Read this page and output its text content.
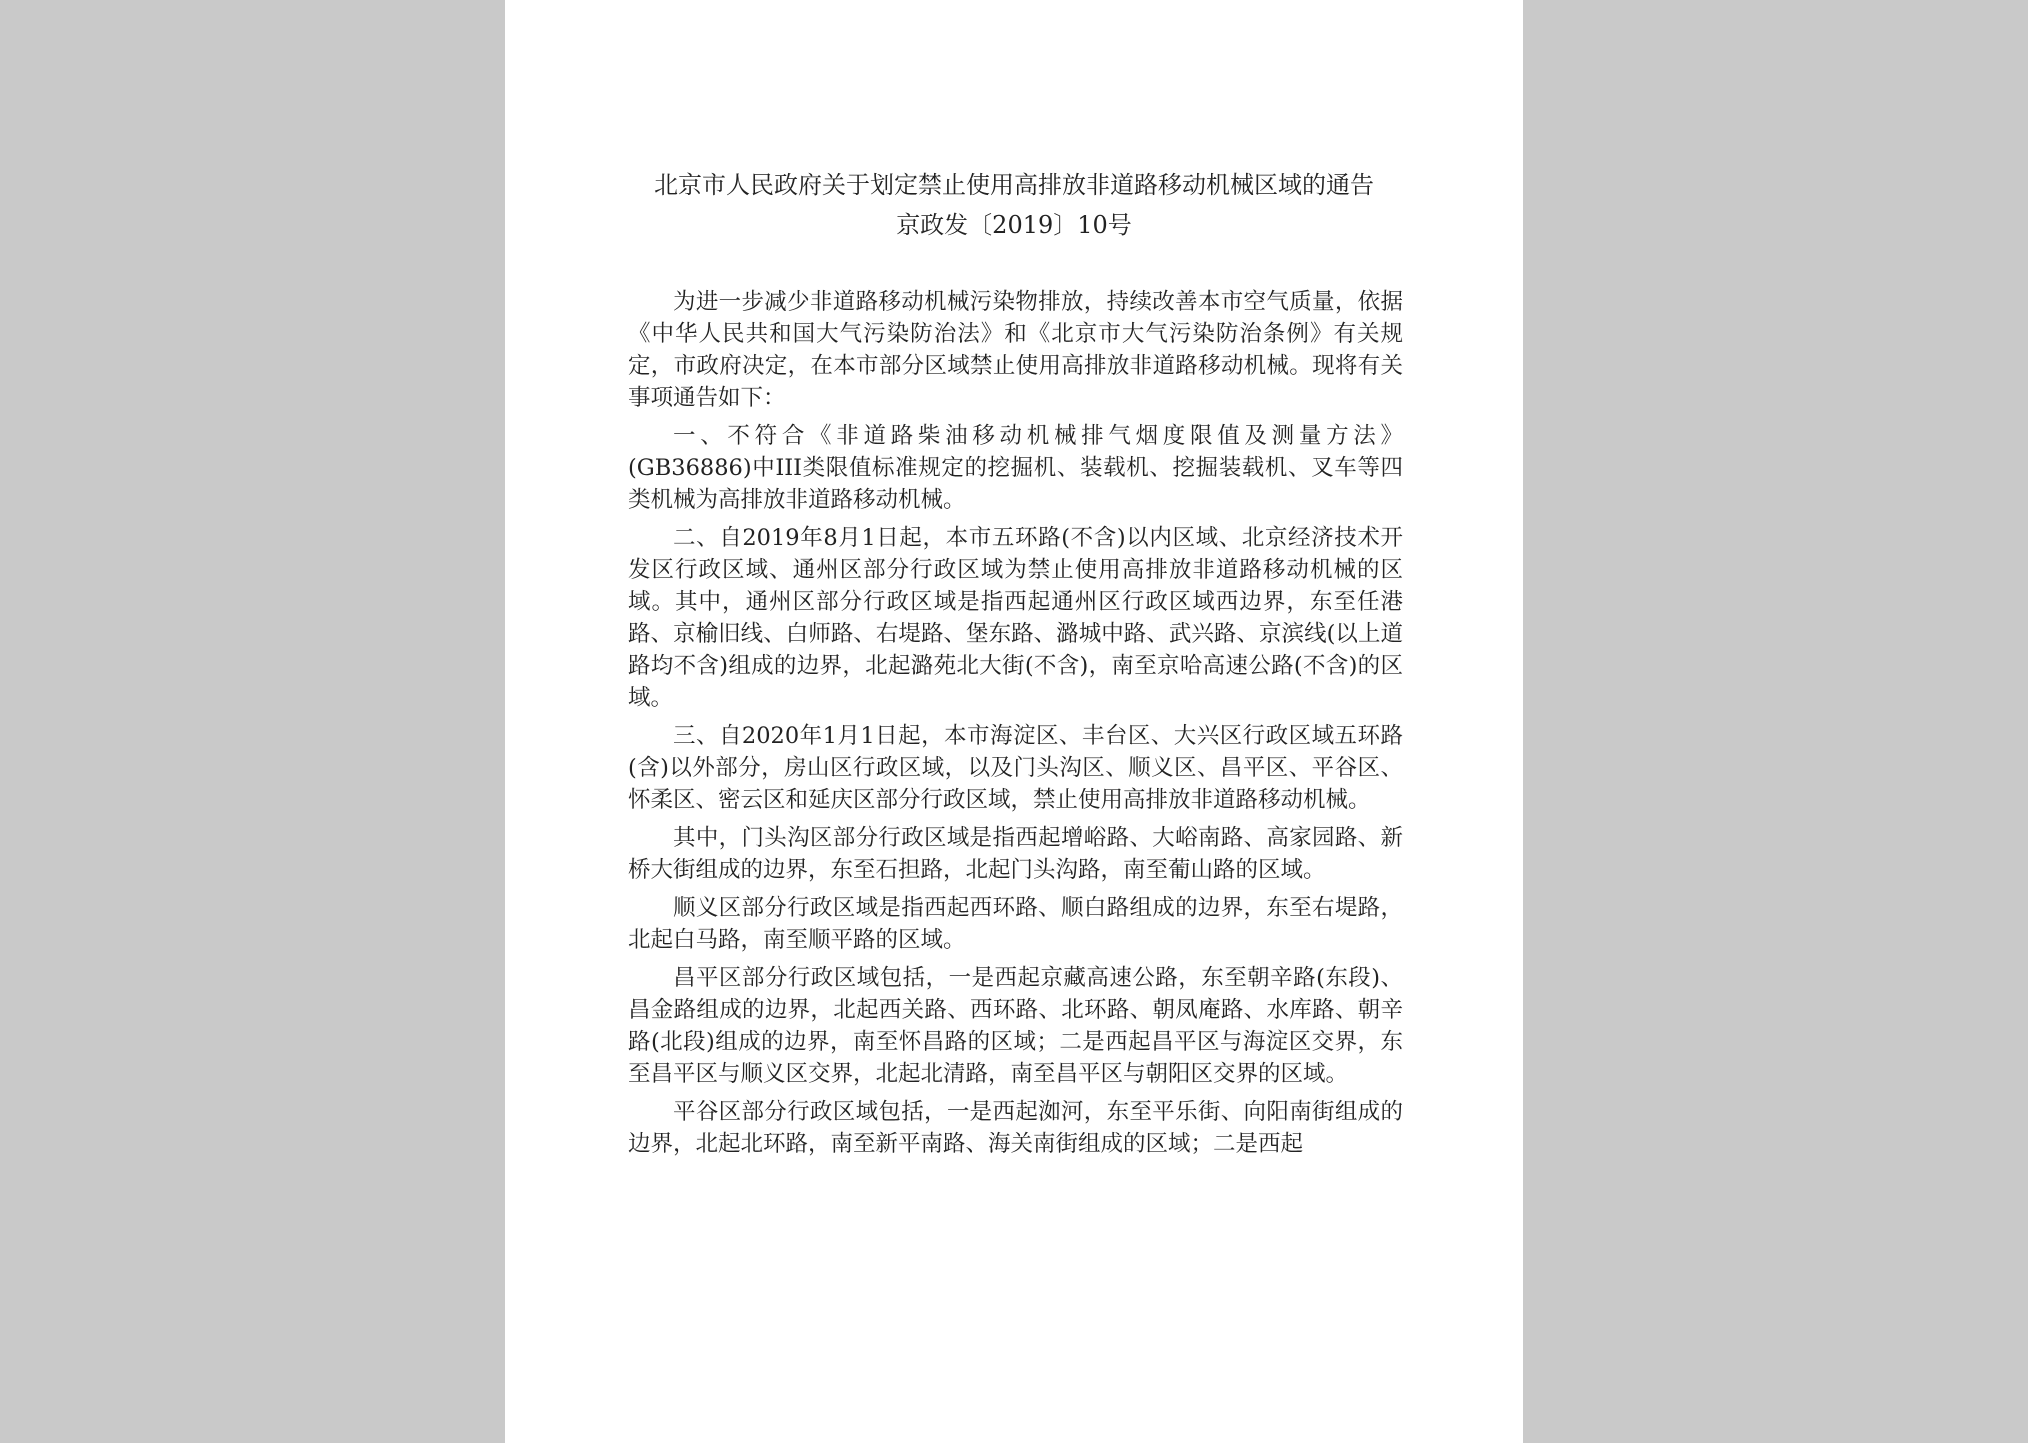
北京市人民政府关于划定禁止使用高排放非道路移动机械区域的通告
京政发〔2019〕10号

为进一步减少非道路移动机械污染物排放，持续改善本市空气质量，依据《中华人民共和国大气污染防治法》和《北京市大气污染防治条例》有关规定，市政府决定，在本市部分区域禁止使用高排放非道路移动机械。现将有关事项通告如下：

一、不符合《非道路柴油移动机械排气烟度限值及测量方法》(GB36886)中III类限值标准规定的挖掘机、装载机、挖掘装载机、叉车等四类机械为高排放非道路移动机械。

二、自2019年8月1日起，本市五环路(不含)以内区域、北京经济技术开发区行政区域、通州区部分行政区域为禁止使用高排放非道路移动机械的区域。其中，通州区部分行政区域是指西起通州区行政区域西边界，东至任港路、京榆旧线、白师路、右堤路、堡东路、潞城中路、武兴路、京滨线(以上道路均不含)组成的边界，北起潞苑北大街(不含)，南至京哈高速公路(不含)的区域。

三、自2020年1月1日起，本市海淀区、丰台区、大兴区行政区域五环路(含)以外部分，房山区行政区域，以及门头沟区、顺义区、昌平区、平谷区、怀柔区、密云区和延庆区部分行政区域，禁止使用高排放非道路移动机械。

其中，门头沟区部分行政区域是指西起增峪路、大峪南路、高家园路、新桥大街组成的边界，东至石担路，北起门头沟路，南至葡山路的区域。

顺义区部分行政区域是指西起西环路、顺白路组成的边界，东至右堤路，北起白马路，南至顺平路的区域。

昌平区部分行政区域包括，一是西起京藏高速公路，东至朝辛路(东段)、昌金路组成的边界，北起西关路、西环路、北环路、朝凤庵路、水库路、朝辛路(北段)组成的边界，南至怀昌路的区域；二是西起昌平区与海淀区交界，东至昌平区与顺义区交界，北起北清路，南至昌平区与朝阳区交界的区域。

平谷区部分行政区域包括，一是西起洳河，东至平乐街、向阳南街组成的边界，北起北环路，南至新平南路、海关南街组成的区域；二是西起
